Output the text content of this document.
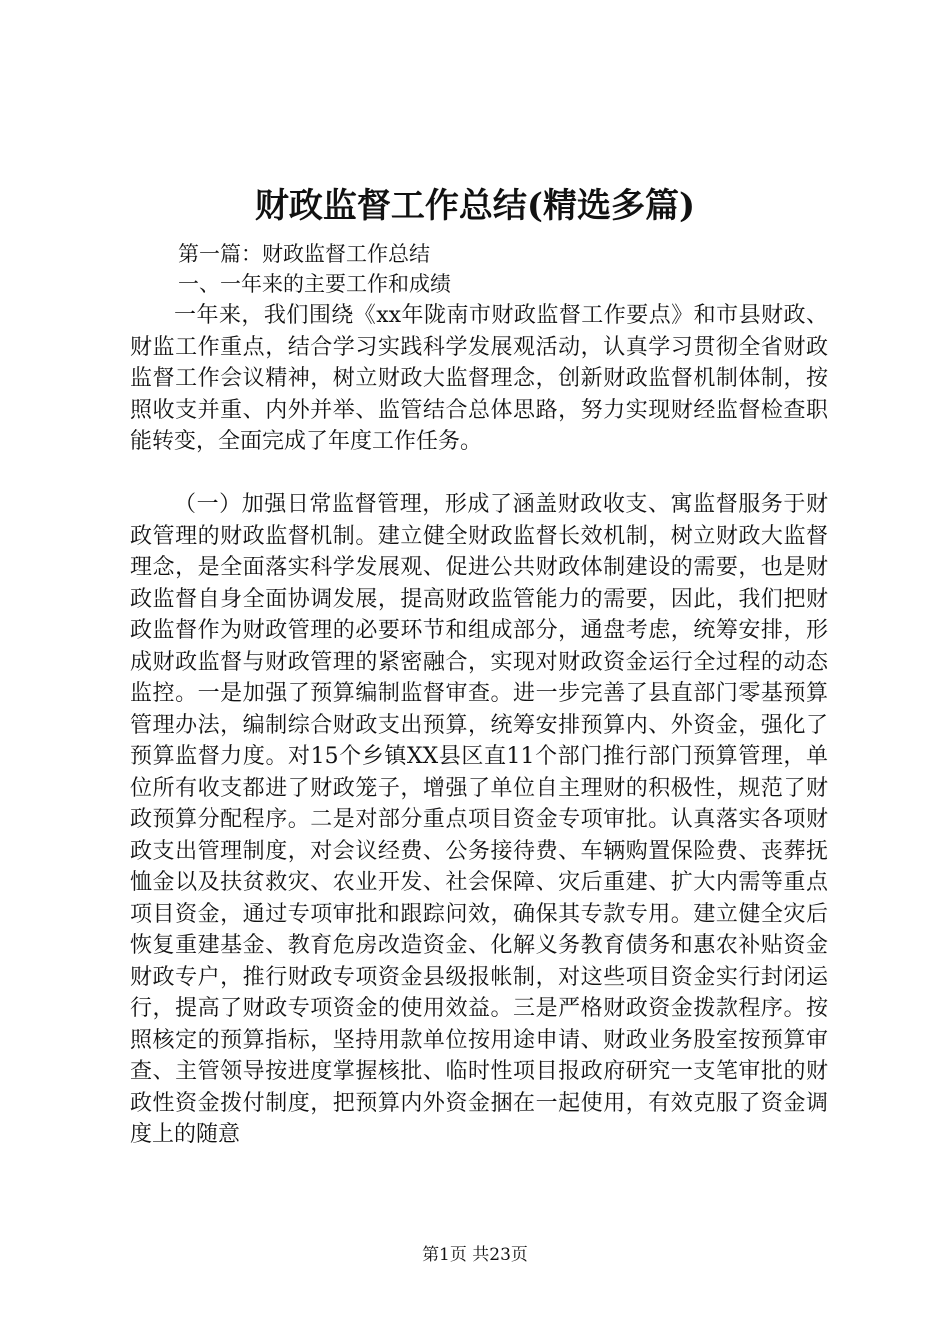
财政监督工作总结(精选多篇)
第一篇：财政监督工作总结
一、一年来的主要工作和成绩

一年来，我们围绕《xx年陇南市财政监督工作要点》和市县财政、财监工作重点，结合学习实践科学发展观活动，认真学习贯彻全省财政监督工作会议精神，树立财政大监督理念，创新财政监督机制体制，按照收支并重、内外并举、监管结合总体思路，努力实现财经监督检查职能转变，全面完成了年度工作任务。

（一）加强日常监督管理，形成了涵盖财政收支、寓监督服务于财政管理的财政监督机制。建立健全财政监督长效机制，树立财政大监督理念，是全面落实科学发展观、促进公共财政体制建设的需要，也是财政监督自身全面协调发展，提高财政监管能力的需要，因此，我们把财政监督作为财政管理的必要环节和组成部分，通盘考虑，统筹安排，形成财政监督与财政管理的紧密融合，实现对财政资金运行全过程的动态监控。一是加强了预算编制监督审查。进一步完善了县直部门零基预算管理办法，编制综合财政支出预算，统筹安排预算内、外资金，强化了预算监督力度。对15个乡镇XX县区直11个部门推行部门预算管理，单位所有收支都进了财政笼子，增强了单位自主理财的积极性，规范了财政预算分配程序。二是对部分重点项目资金专项审批。认真落实各项财政支出管理制度，对会议经费、公务接待费、车辆购置保险费、丧葬抚恤金以及扶贫救灾、农业开发、社会保障、灾后重建、扩大内需等重点项目资金，通过专项审批和跟踪问效，确保其专款专用。建立健全灾后恢复重建基金、教育危房改造资金、化解义务教育债务和惠农补贴资金财政专户，推行财政专项资金县级报帐制，对这些项目资金实行封闭运行，提高了财政专项资金的使用效益。三是严格财政资金拨款程序。按照核定的预算指标，坚持用款单位按用途申请、财政业务股室按预算审查、主管领导按进度掌握核批、临时性项目报政府研究一支笔审批的财政性资金拨付制度，把预算内外资金捆在一起使用，有效克服了资金调度上的随意

第1页 共23页
